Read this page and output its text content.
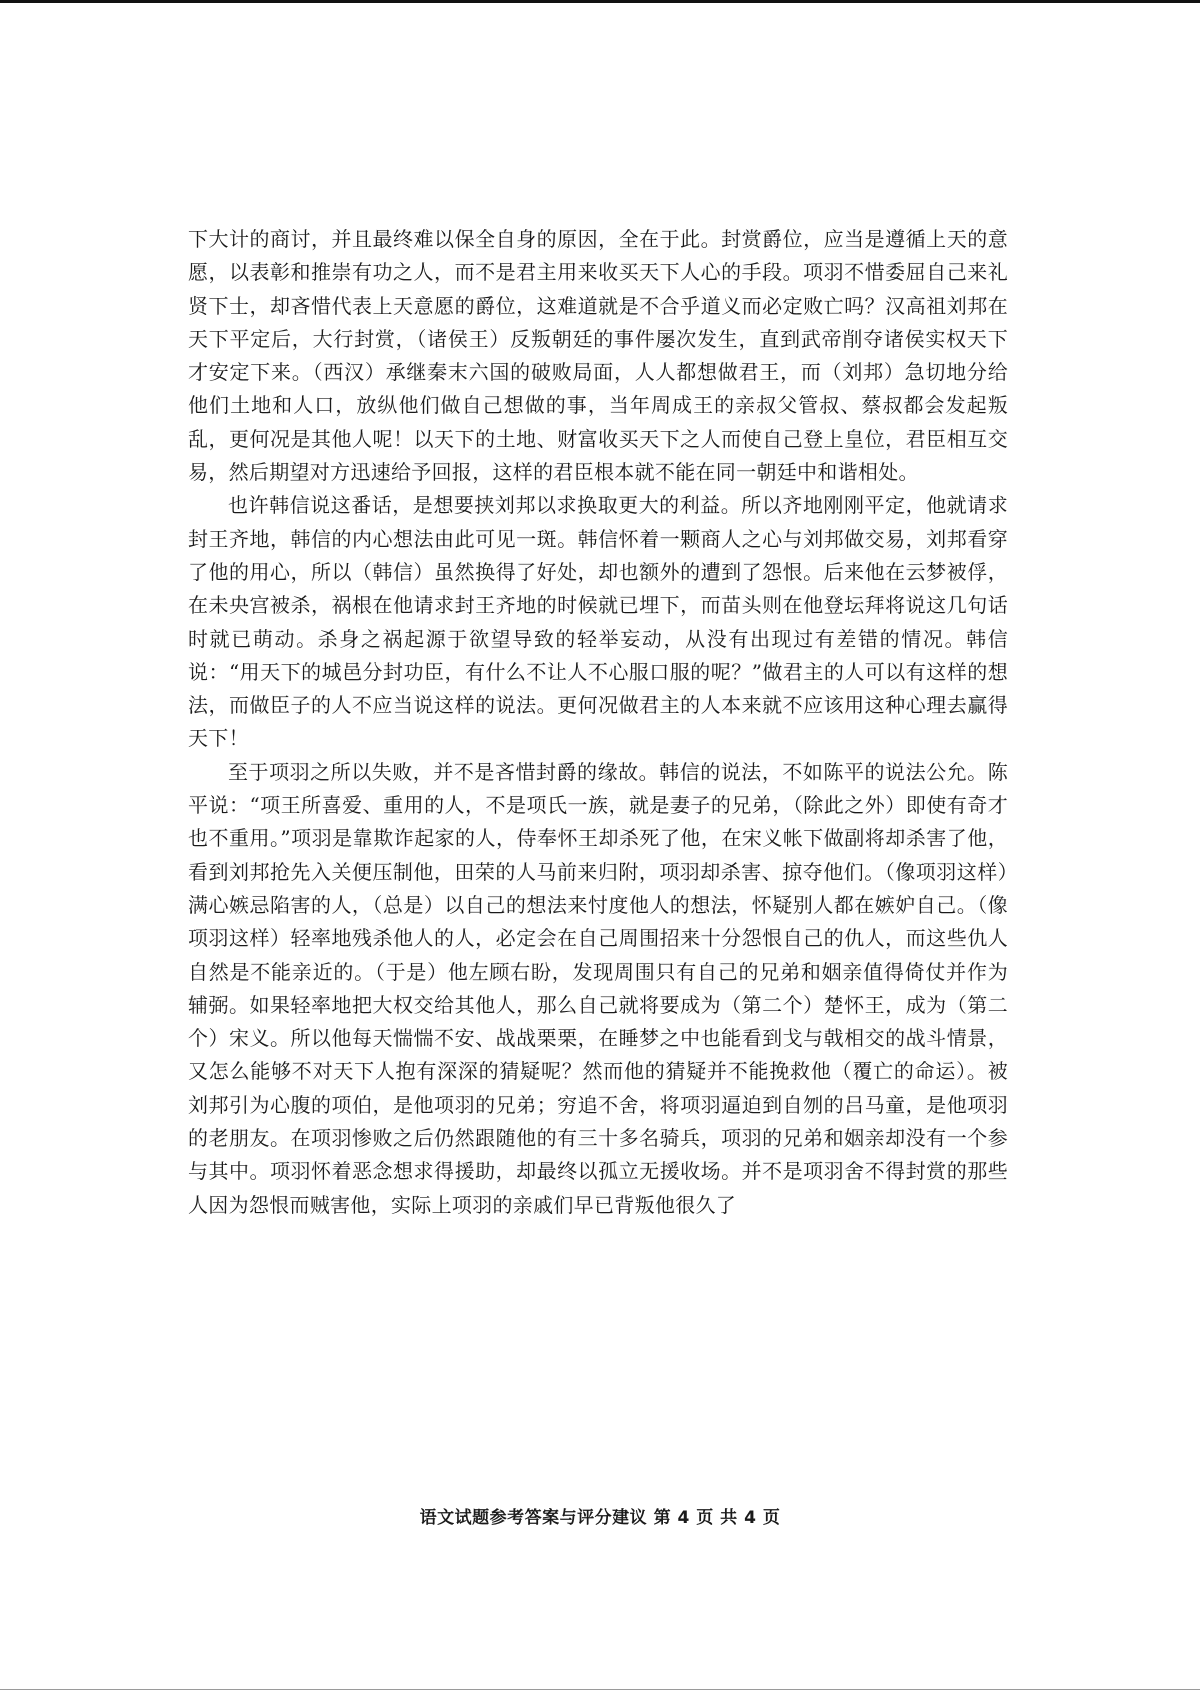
下大计的商讨，并且最终难以保全自身的原因，全在于此。封赏爵位，应当是遵循上天的意愿，以表彰和推崇有功之人，而不是君主用来收买天下人心的手段。项羽不惜委屈自己来礼贤下士，却吝惜代表上天意愿的爵位，这难道就是不合乎道义而必定败亡吗？汉高祖刘邦在天下平定后，大行封赏，（诸侯王）反叛朝廷的事件屡次发生，直到武帝削夺诸侯实权天下才安定下来。（西汉）承继秦末六国的破败局面，人人都想做君王，而（刘邦）急切地分给他们土地和人口，放纵他们做自己想做的事，当年周成王的亲叔父管叔、蔡叔都会发起叛乱，更何况是其他人呢！以天下的土地、财富收买天下之人而使自己登上皇位，君臣相互交易，然后期望对方迅速给予回报，这样的君臣根本就不能在同一朝廷中和谐相处。

也许韩信说这番话，是想要挟刘邦以求换取更大的利益。所以齐地刚刚平定，他就请求封王齐地，韩信的内心想法由此可见一斑。韩信怀着一颗商人之心与刘邦做交易，刘邦看穿了他的用心，所以（韩信）虽然换得了好处，却也额外的遭到了怨恨。后来他在云梦被俘，在未央宫被杀，祸根在他请求封王齐地的时候就已埋下，而苗头则在他登坛拜将说这几句话时就已萌动。杀身之祸起源于欲望导致的轻举妄动，从没有出现过有差错的情况。韩信说：“用天下的城邑分封功臣，有什么不让人不心服口服的呢？”做君主的人可以有这样的想法，而做臣子的人不应当说这样的说法。更何况做君主的人本来就不应该用这种心理去赢得天下！

至于项羽之所以失败，并不是吝惜封爵的缘故。韩信的说法，不如陈平的说法公允。陈平说：“项王所喜爱、重用的人，不是项氏一族，就是妻子的兄弟，（除此之外）即使有奇才也不重用。”项羽是靠欺诈起家的人，侍奉怀王却杀死了他，在宋义帐下做副将却杀害了他，看到刘邦抢先入关便压制他，田荣的人马前来归附，项羽却杀害、掠夺他们。（像项羽这样）满心嫉忌陷害的人，（总是）以自己的想法来忖度他人的想法，怀疑别人都在嫉妒自己。（像项羽这样）轻率地残杀他人的人，必定会在自己周围招来十分怨恨自己的仇人，而这些仇人自然是不能亲近的。（于是）他左顾右盼，发现周围只有自己的兄弟和姻亲值得倚仗并作为辅弼。如果轻率地把大权交给其他人，那么自己就将要成为（第二个）楚怀王，成为（第二个）宋义。所以他每天惴惴不安、战战栗栗，在睡梦之中也能看到戈与戟相交的战斗情景，又怎么能够不对天下人抱有深深的猜疑呢？然而他的猜疑并不能挽救他（覆亡的命运）。被刘邦引为心腹的项伯，是他项羽的兄弟；穷追不舍，将项羽逼迫到自刎的吕马童，是他项羽的老朋友。在项羽惨败之后仍然跟随他的有三十多名骑兵，项羽的兄弟和姻亲却没有一个参与其中。项羽怀着恶念想求得援助，却最终以孤立无援收场。并不是项羽舍不得封赏的那些人因为怨恨而贼害他，实际上项羽的亲戚们早已背叛他很久了

语文试题参考答案与评分建议 第 4 页 共 4 页
